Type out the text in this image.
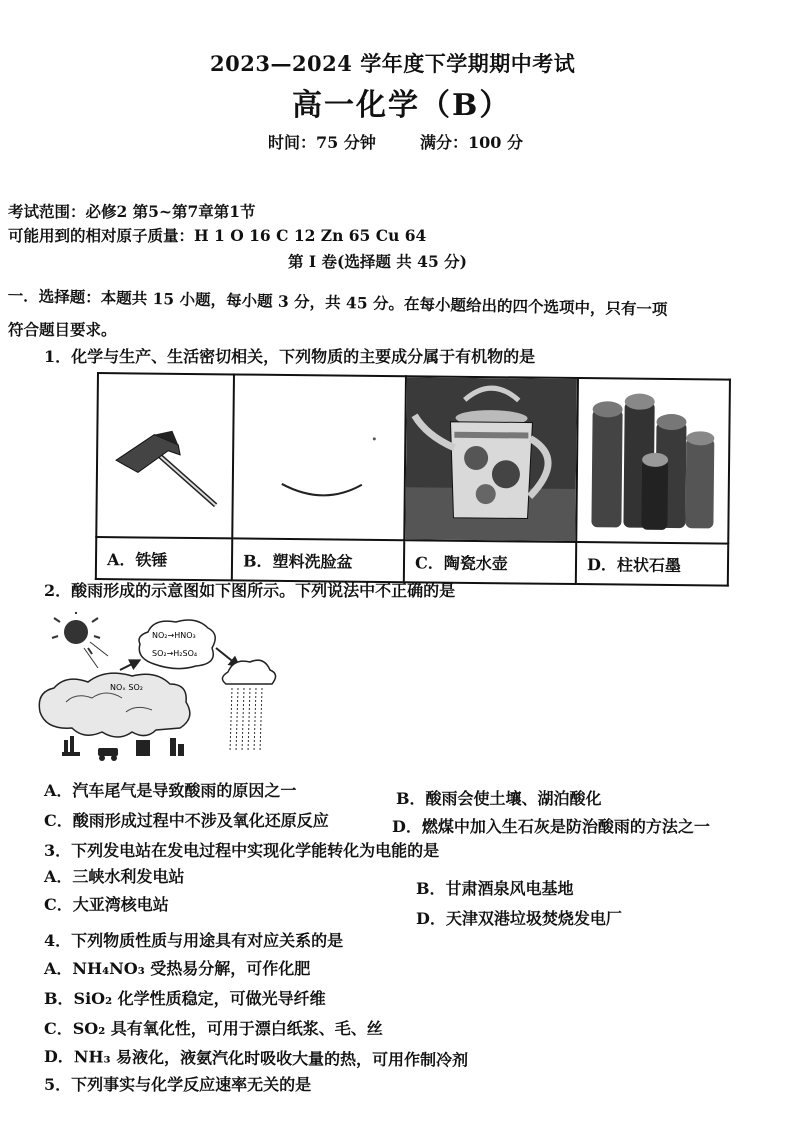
2023—2024 学年度下学期期中考试
高一化学（B）
时间：75 分钟	满分：100 分
考试范围：必修2 第5~第7章第1节
可能用到的相对原子质量：H 1 O 16 C 12 Zn 65 Cu 64
第 I 卷(选择题 共 45 分)
一．选择题：本题共 15 小题，每小题 3 分，共 45 分。在每小题给出的四个选项中，只有一项
符合题目要求。
1．化学与生产、生活密切相关，下列物质的主要成分属于有机物的是

A．铁锤	B．塑料洗脸盆	C．陶瓷水壶	D．柱状石墨
2．酸雨形成的示意图如下图所示。下列说法中不正确的是
NO₂→HNO₃
SO₂→H₂SO₄
NOₓ SO₂
A．汽车尾气是导致酸雨的原因之一	B．酸雨会使土壤、湖泊酸化
C．酸雨形成过程中不涉及氧化还原反应	D．燃煤中加入生石灰是防治酸雨的方法之一
3．下列发电站在发电过程中实现化学能转化为电能的是
A．三峡水利发电站
B．甘肃酒泉风电基地
C．大亚湾核电站
D．天津双港垃圾焚烧发电厂
4．下列物质性质与用途具有对应关系的是
A．NH₄NO₃ 受热易分解，可作化肥
B．SiO₂ 化学性质稳定，可做光导纤维
C．SO₂ 具有氧化性，可用于漂白纸浆、毛、丝
D．NH₃ 易液化，液氨汽化时吸收大量的热，可用作制冷剂
5．下列事实与化学反应速率无关的是
